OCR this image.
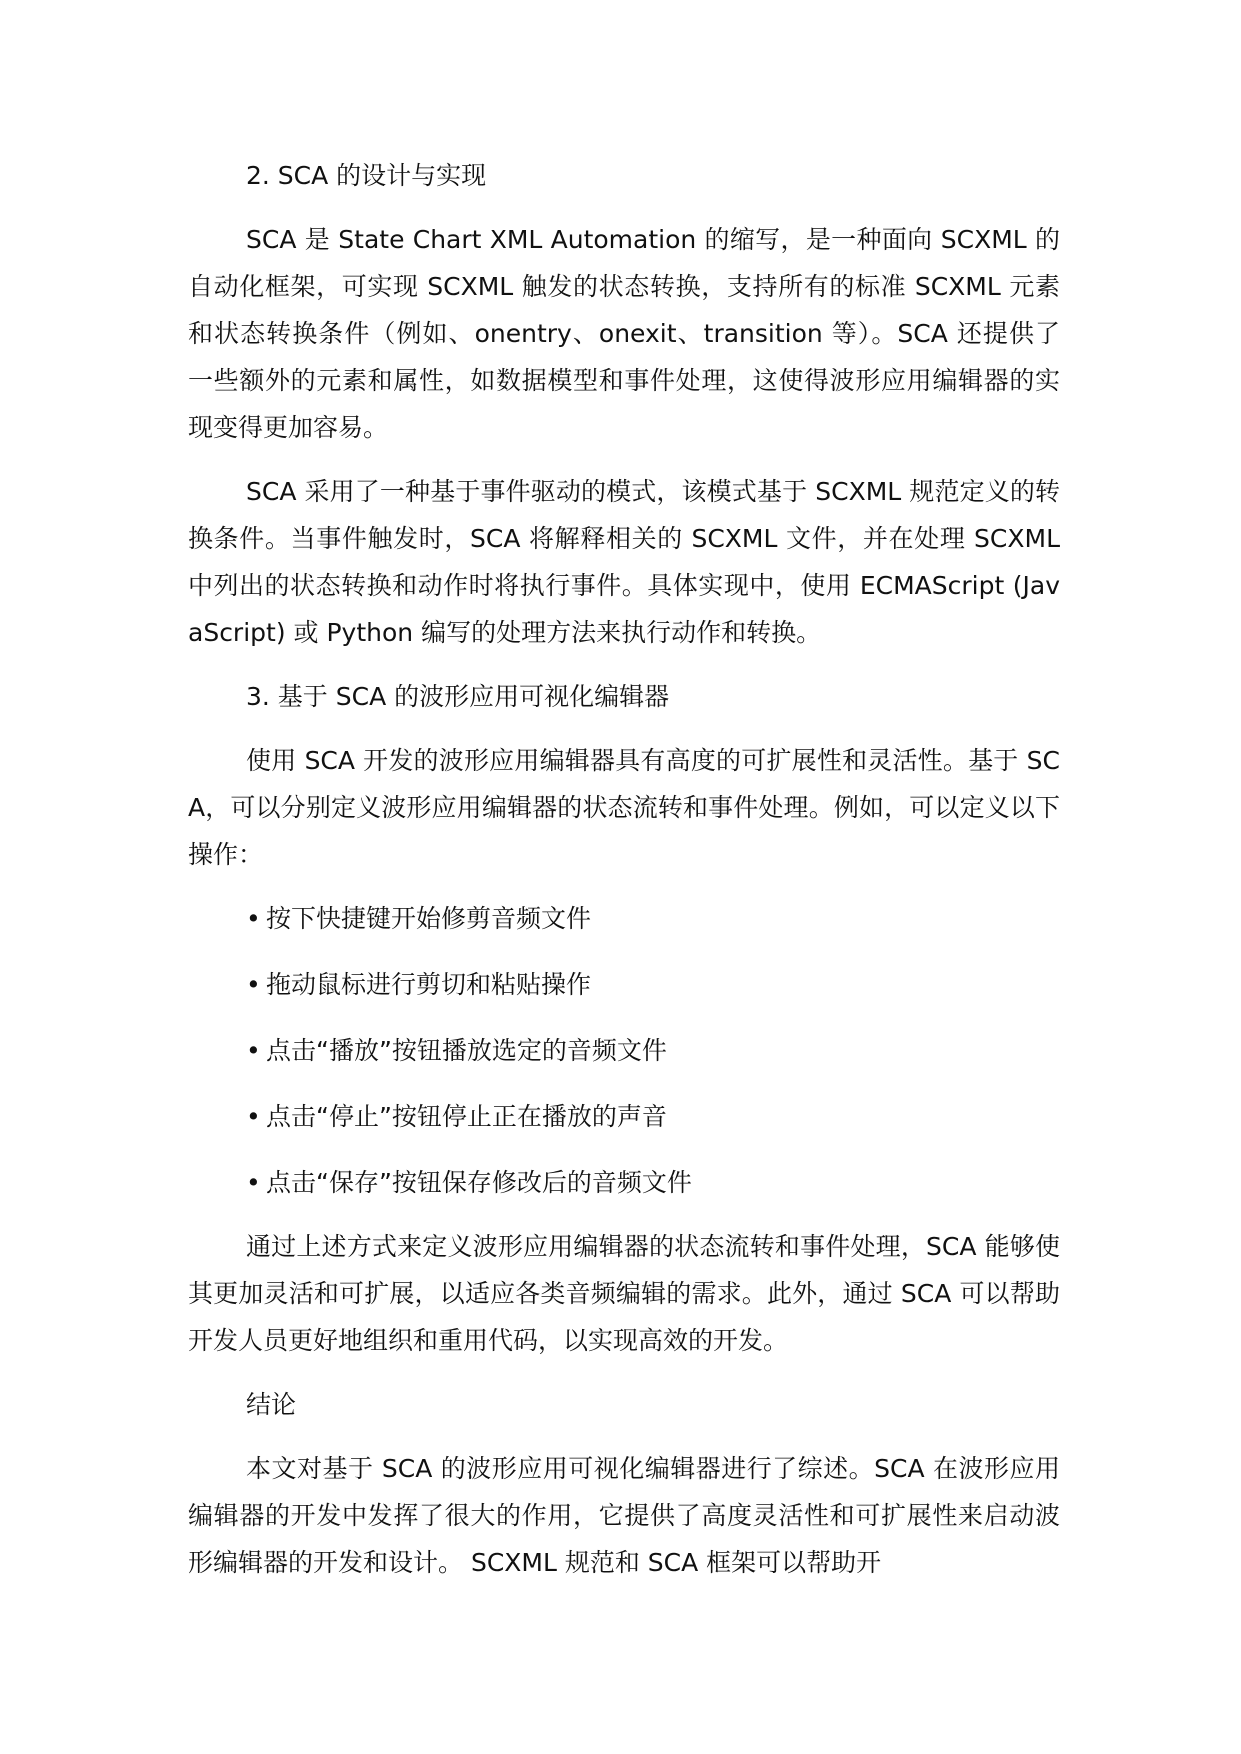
2. SCA 的设计与实现

SCA 是 State Chart XML Automation 的缩写，是一种面向 SCXML 的自动化框架，可实现 SCXML 触发的状态转换，支持所有的标准 SCXML 元素和状态转换条件（例如、onentry、onexit、transition 等）。SCA 还提供了一些额外的元素和属性，如数据模型和事件处理，这使得波形应用编辑器的实现变得更加容易。

SCA 采用了一种基于事件驱动的模式，该模式基于 SCXML 规范定义的转换条件。当事件触发时，SCA 将解释相关的 SCXML 文件，并在处理 SCXML 中列出的状态转换和动作时将执行事件。具体实现中，使用 ECMAScript (JavaScript) 或 Python 编写的处理方法来执行动作和转换。

3. 基于 SCA 的波形应用可视化编辑器

使用 SCA 开发的波形应用编辑器具有高度的可扩展性和灵活性。基于 SCA，可以分别定义波形应用编辑器的状态流转和事件处理。例如，可以定义以下操作：

• 按下快捷键开始修剪音频文件
• 拖动鼠标进行剪切和粘贴操作
• 点击“播放”按钮播放选定的音频文件
• 点击“停止”按钮停止正在播放的声音
• 点击“保存”按钮保存修改后的音频文件

通过上述方式来定义波形应用编辑器的状态流转和事件处理，SCA 能够使其更加灵活和可扩展，以适应各类音频编辑的需求。此外，通过 SCA 可以帮助开发人员更好地组织和重用代码，以实现高效的开发。

结论

本文对基于 SCA 的波形应用可视化编辑器进行了综述。SCA 在波形应用编辑器的开发中发挥了很大的作用，它提供了高度灵活性和可扩展性来启动波形编辑器的开发和设计。 SCXML 规范和 SCA 框架可以帮助开
